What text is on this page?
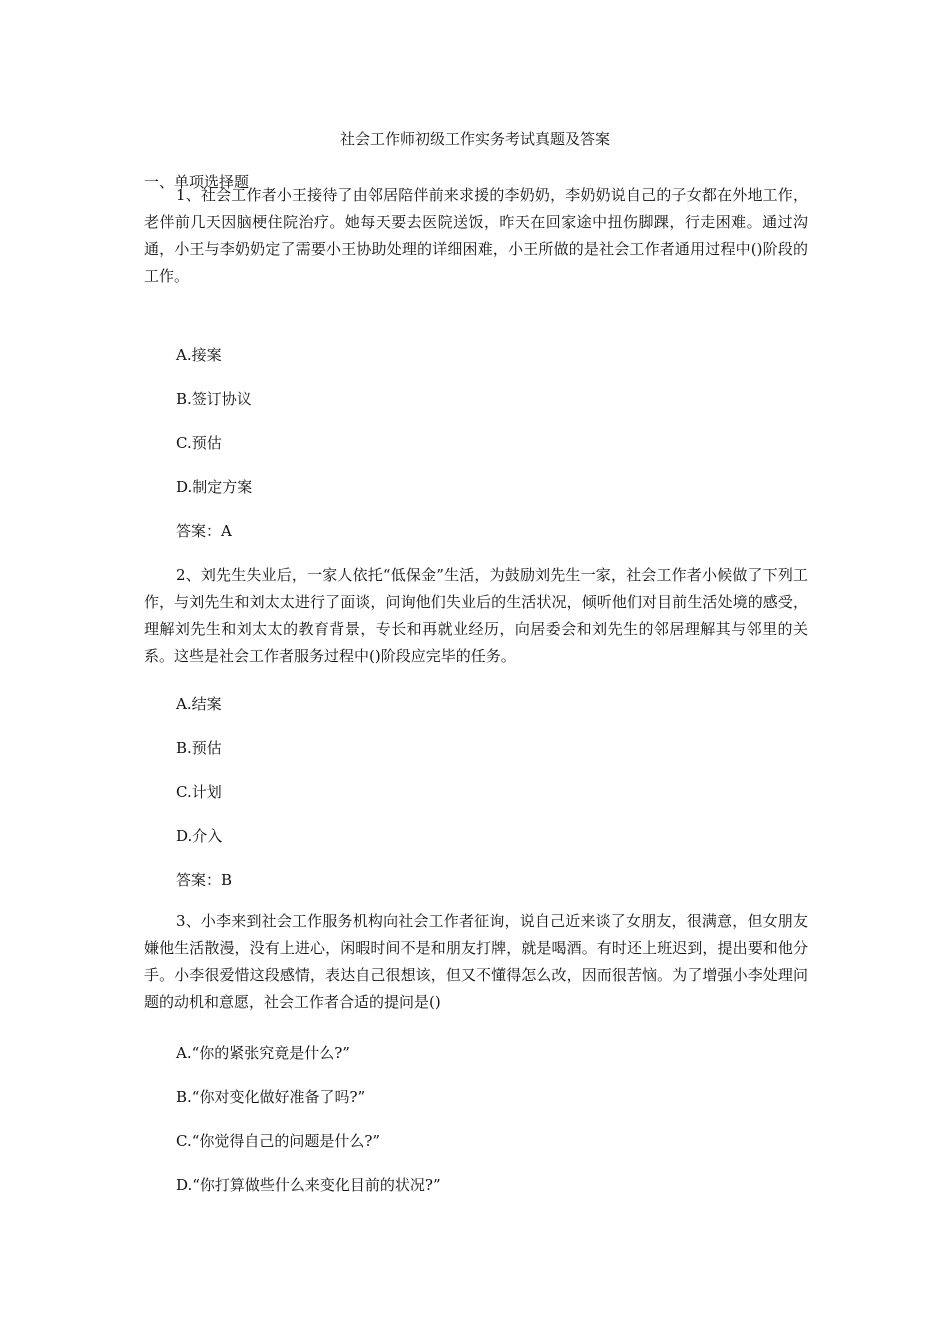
社会工作师初级工作实务考试真题及答案
一、单项选择题

1、社会工作者小王接待了由邻居陪伴前来求援的李奶奶，李奶奶说自己的子女都在外地工作，老伴前几天因脑梗住院治疗。她每天要去医院送饭，昨天在回家途中扭伤脚踝，行走困难。通过沟通，小王与李奶奶定了需要小王协助处理的详细困难，小王所做的是社会工作者通用过程中()阶段的工作。

A.接案
B.签订协议
C.预估
D.制定方案
答案：A

2、刘先生失业后，一家人依托“低保金”生活，为鼓励刘先生一家，社会工作者小候做了下列工作，与刘先生和刘太太进行了面谈，问询他们失业后的生活状况，倾听他们对目前生活处境的感受，理解刘先生和刘太太的教育背景，专长和再就业经历，向居委会和刘先生的邻居理解其与邻里的关系。这些是社会工作者服务过程中()阶段应完毕的任务。

A.结案
B.预估
C.计划
D.介入
答案：B

3、小李来到社会工作服务机构向社会工作者征询，说自己近来谈了女朋友，很满意，但女朋友嫌他生活散漫，没有上进心，闲暇时间不是和朋友打牌，就是喝酒。有时还上班迟到，提出要和他分手。小李很爱惜这段感情，表达自己很想该，但又不懂得怎么改，因而很苦恼。为了增强小李处理问题的动机和意愿，社会工作者合适的提问是()

A.“你的紧张究竟是什么?”
B.“你对变化做好准备了吗?”
C.“你觉得自己的问题是什么?”
D.“你打算做些什么来变化目前的状况?”
